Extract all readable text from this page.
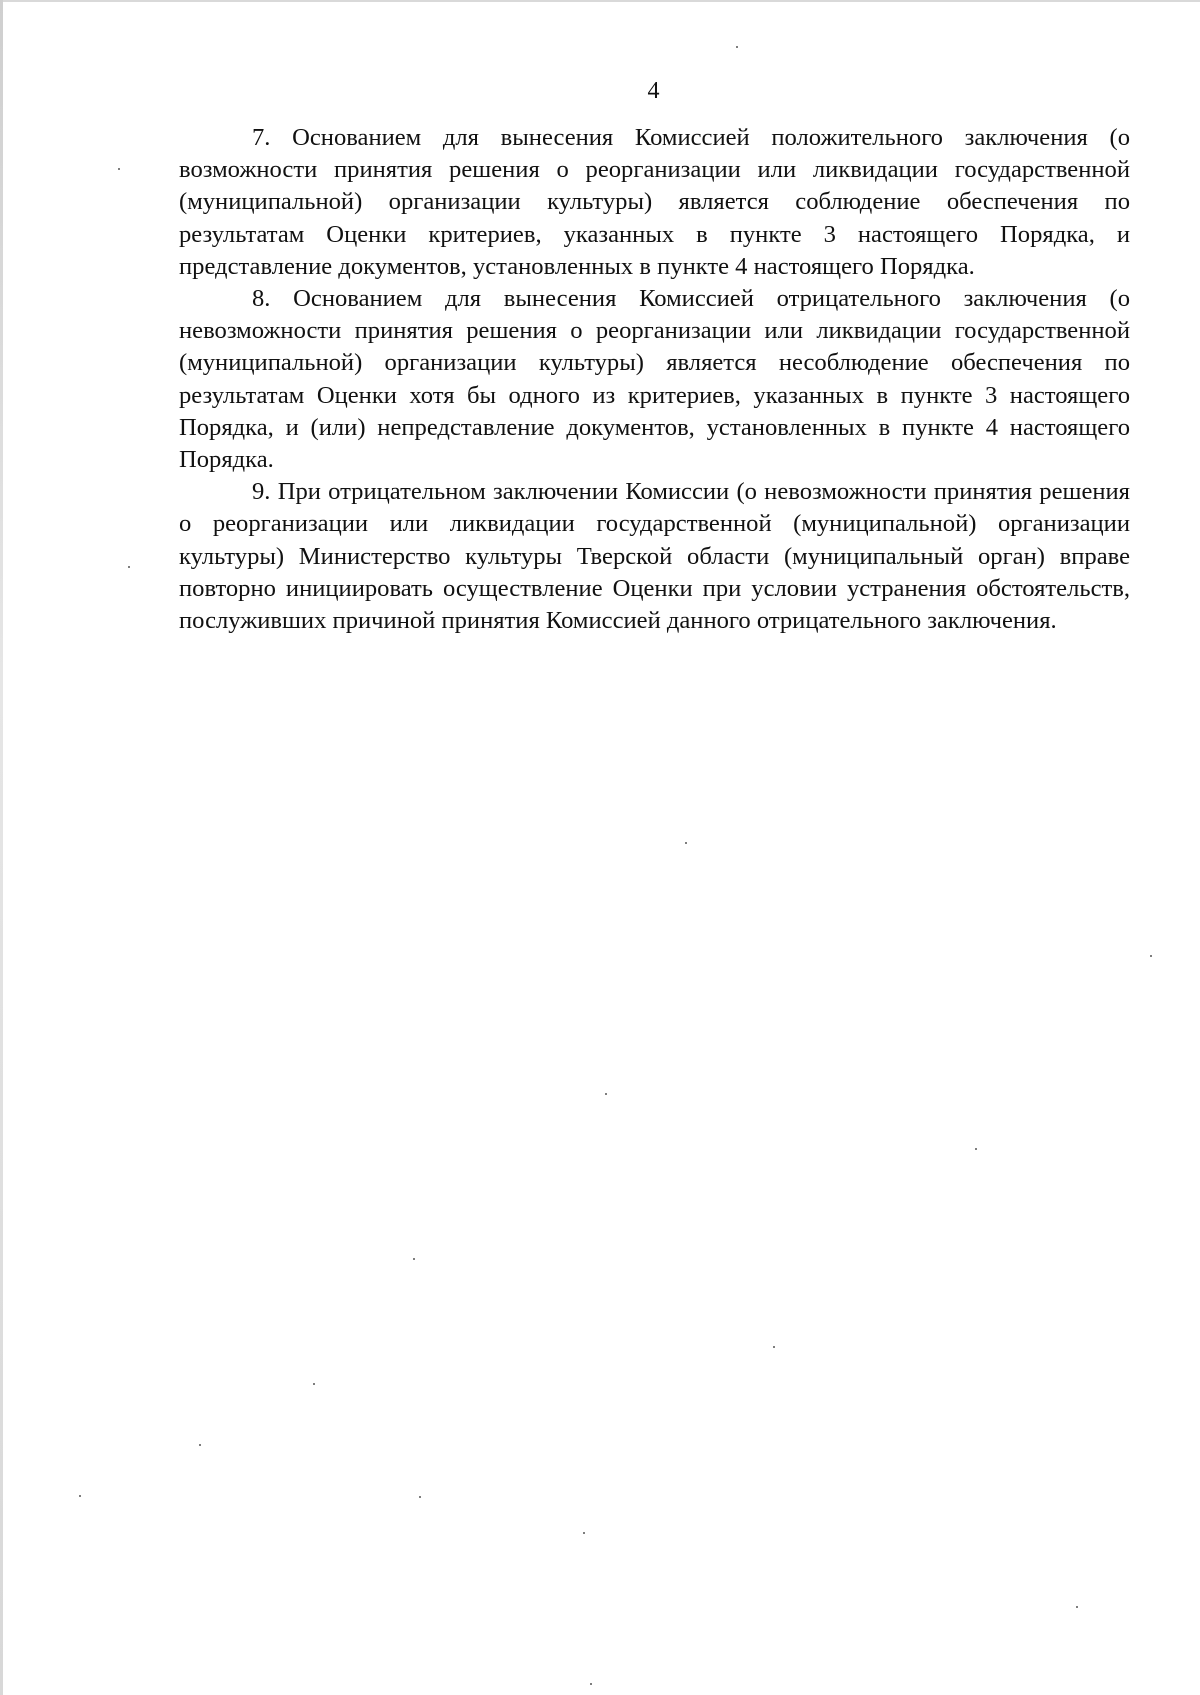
4

7. Основанием для вынесения Комиссией положительного заключения (о возможности принятия решения о реорганизации или ликвидации государственной (муниципальной) организации культуры) является соблюдение обеспечения по результатам Оценки критериев, указанных в пункте 3 настоящего Порядка, и представление документов, установленных в пункте 4 настоящего Порядка.

8. Основанием для вынесения Комиссией отрицательного заключения (о невозможности принятия решения о реорганизации или ликвидации государственной (муниципальной) организации культуры) является несоблюдение обеспечения по результатам Оценки хотя бы одного из критериев, указанных в пункте 3 настоящего Порядка, и (или) непредставление документов, установленных в пункте 4 настоящего Порядка.

9. При отрицательном заключении Комиссии (о невозможности принятия решения о реорганизации или ликвидации государственной (муниципальной) организации культуры) Министерство культуры Тверской области (муниципальный орган) вправе повторно инициировать осуществление Оценки при условии устранения обстоятельств, послуживших причиной принятия Комиссией данного отрицательного заключения.
